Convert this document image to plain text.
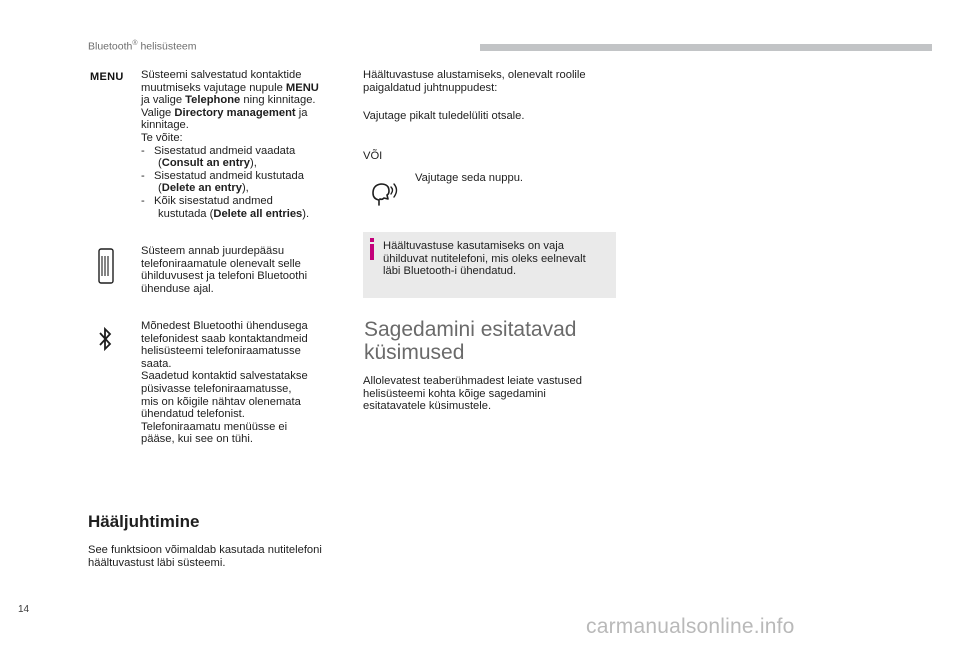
Bluetooth® helisüsteem
MENU Süsteemi salvestatud kontaktide
muutmiseks vajutage nupule MENU
ja valige Telephone ning kinnitage.
Valige Directory management ja
kinnitage.
Te võite:
-   Sisestatud andmeid vaadata
(Consult an entry),
-   Sisestatud andmeid kustutada
(Delete an entry),
-   Kõik sisestatud andmed
kustutada (Delete all entries).
Süsteem annab juurdepääsu
telefoniraamatule olenevalt selle
ühilduvusest ja telefoni Bluetoothi
ühenduse ajal.
Mõnedest Bluetoothi ühendusega
telefonidest saab kontaktandmeid
helisüsteemi telefoniraamatusse
saata.
Saadetud kontaktid salvestatakse
püsivasse telefoniraamatusse,
mis on kõigile nähtav olenemata
ühendatud telefonist.
Telefoniraamatu menüüsse ei
pääse, kui see on tühi.
Hääljuhtimine
See funktsioon võimaldab kasutada nutitelefoni
häältuvastust läbi süsteemi.
Häältuvastuse alustamiseks, olenevalt roolile
paigaldatud juhtnuppudest:
Vajutage pikalt tuledelüliti otsale.
VÕI
Vajutage seda nuppu.
Häältuvastuse kasutamiseks on vaja
ühilduvat nutitelefoni, mis oleks eelnevalt
läbi Bluetooth-i ühendatud.
Sagedamini esitatavad
küsimused
Allolevatest teaberühmadest leiate vastused
helisüsteemi kohta kõige sagedamini
esitatavatele küsimustele.
14
carmanualsonline.info
